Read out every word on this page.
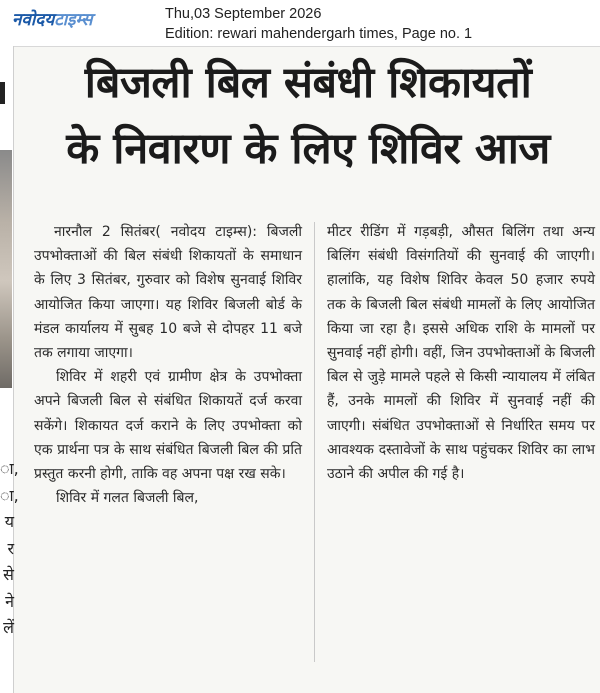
नवोदयटाइम्स	Thu,03 September 2026
Edition: rewari mahendergarh times, Page no. 1
ा,
ा,
य
र
से
ने
लें
बिजली बिल संबंधी शिकायतों
के निवारण के लिए शिविर आज

नारनौल 2 सितंबर( नवोदय टाइम्स): बिजली उपभोक्ताओं की बिल संबंधी शिकायतों के समाधान के लिए 3 सितंबर, गुरुवार को विशेष सुनवाई शिविर आयोजित किया जाएगा। यह शिविर बिजली बोर्ड के मंडल कार्यालय में सुबह 10 बजे से दोपहर 11 बजे तक लगाया जाएगा।

शिविर में शहरी एवं ग्रामीण क्षेत्र के उपभोक्ता अपने बिजली बिल से संबंधित शिकायतें दर्ज करवा सकेंगे। शिकायत दर्ज कराने के लिए उपभोक्ता को एक प्रार्थना पत्र के साथ संबंधित बिजली बिल की प्रति प्रस्तुत करनी होगी, ताकि वह अपना पक्ष रख सके।

शिविर में गलत बिजली बिल,

मीटर रीडिंग में गड़बड़ी, औसत बिलिंग तथा अन्य बिलिंग संबंधी विसंगतियों की सुनवाई की जाएगी। हालांकि, यह विशेष शिविर केवल 50 हजार रुपये तक के बिजली बिल संबंधी मामलों के लिए आयोजित किया जा रहा है। इससे अधिक राशि के मामलों पर सुनवाई नहीं होगी। वहीं, जिन उपभोक्ताओं के बिजली बिल से जुड़े मामले पहले से किसी न्यायालय में लंबित हैं, उनके मामलों की शिविर में सुनवाई नहीं की जाएगी। संबंधित उपभोक्ताओं से निर्धारित समय पर आवश्यक दस्तावेजों के साथ पहुंचकर शिविर का लाभ उठाने की अपील की गई है।
